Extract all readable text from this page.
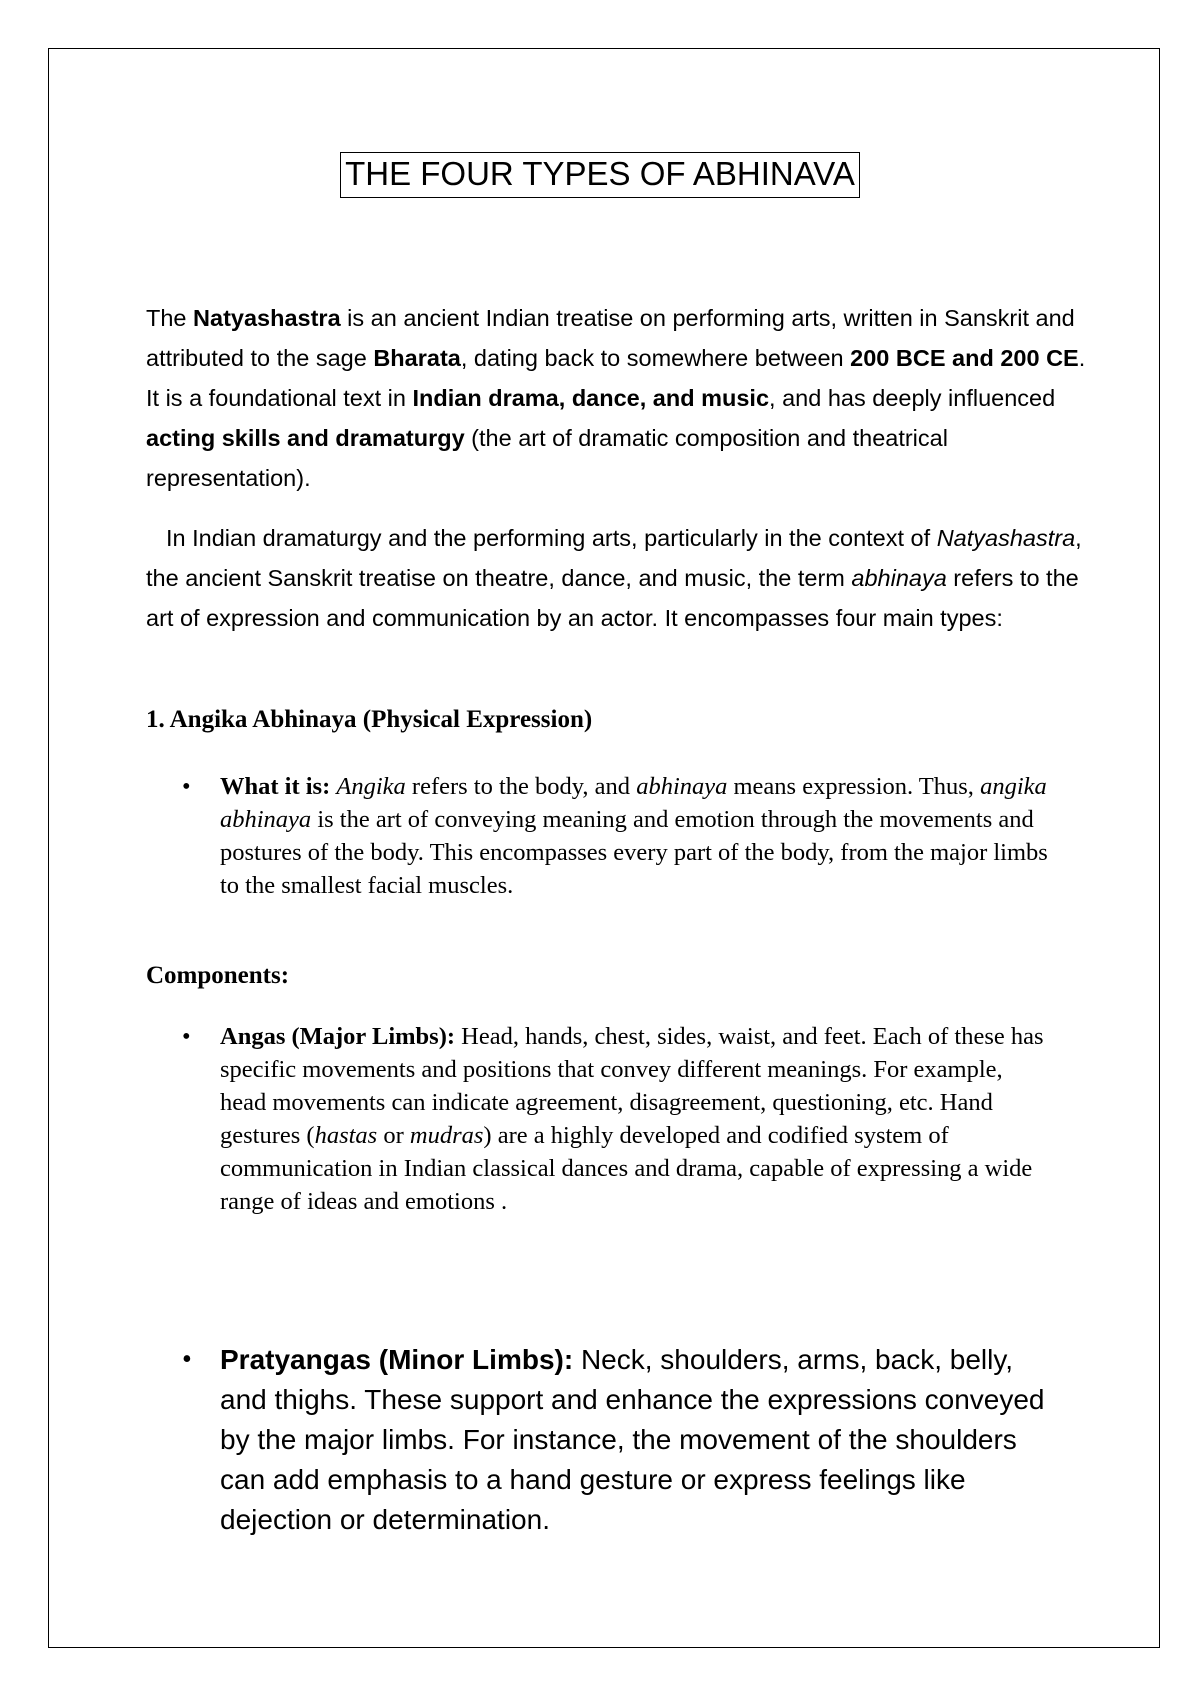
THE FOUR TYPES OF ABHINAVA

The Natyashastra is an ancient Indian treatise on performing arts, written in Sanskrit and attributed to the sage Bharata, dating back to somewhere between 200 BCE and 200 CE. It is a foundational text in Indian drama, dance, and music, and has deeply influenced acting skills and dramaturgy (the art of dramatic composition and theatrical representation).

In Indian dramaturgy and the performing arts, particularly in the context of Natyashastra, the ancient Sanskrit treatise on theatre, dance, and music, the term abhinaya refers to the art of expression and communication by an actor. It encompasses four main types:

1. Angika Abhinaya (Physical Expression)
• What it is: Angika refers to the body, and abhinaya means expression. Thus, angika abhinaya is the art of conveying meaning and emotion through the movements and postures of the body. This encompasses every part of the body, from the major limbs to the smallest facial muscles.
Components:
• Angas (Major Limbs): Head, hands, chest, sides, waist, and feet. Each of these has specific movements and positions that convey different meanings. For example, head movements can indicate agreement, disagreement, questioning, etc. Hand gestures (hastas or mudras) are a highly developed and codified system of communication in Indian classical dances and drama, capable of expressing a wide range of ideas and emotions .
• Pratyangas (Minor Limbs): Neck, shoulders, arms, back, belly, and thighs. These support and enhance the expressions conveyed by the major limbs. For instance, the movement of the shoulders can add emphasis to a hand gesture or express feelings like dejection or determination.
